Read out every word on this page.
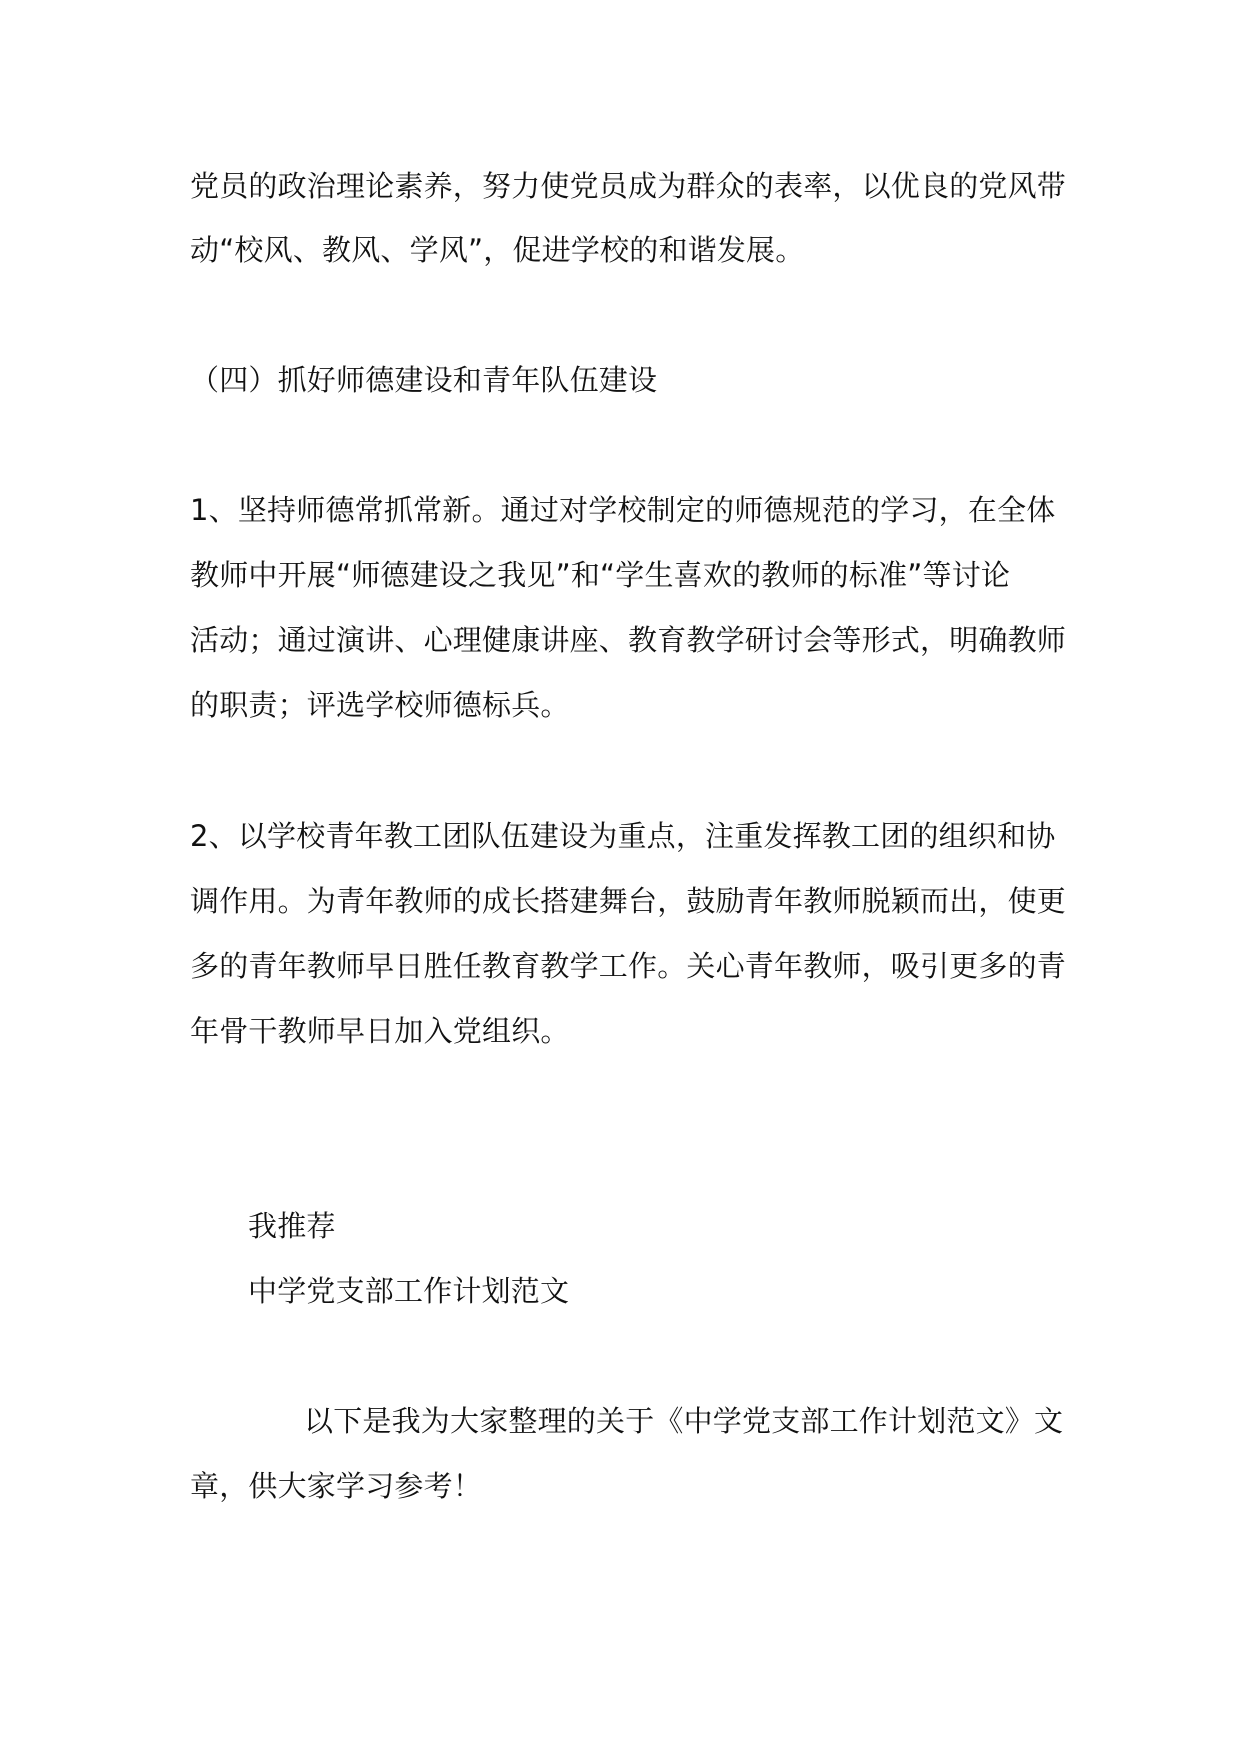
党员的政治理论素养，努力使党员成为群众的表率，以优良的党风带
动“校风、教风、学风”，促进学校的和谐发展。
（四）抓好师德建设和青年队伍建设
1、坚持师德常抓常新。通过对学校制定的师德规范的学习，在全体
教师中开展“师德建设之我见”和“学生喜欢的教师的标准”等讨论
活动；通过演讲、心理健康讲座、教育教学研讨会等形式，明确教师
的职责；评选学校师德标兵。
2、以学校青年教工团队伍建设为重点，注重发挥教工团的组织和协
调作用。为青年教师的成长搭建舞台，鼓励青年教师脱颖而出，使更
多的青年教师早日胜任教育教学工作。关心青年教师，吸引更多的青
年骨干教师早日加入党组织。
我推荐
中学党支部工作计划范文
以下是我为大家整理的关于《中学党支部工作计划范文》文
章，供大家学习参考！
